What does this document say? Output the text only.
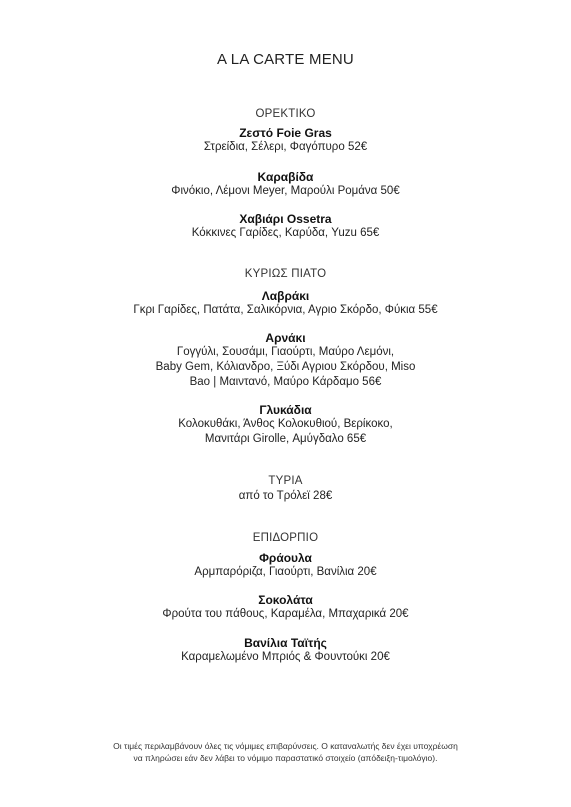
A LA CARTE MENU
ΟΡΕΚΤΙΚΟ
Ζεστό Foie Gras
Στρείδια, Σέλερι, Φαγόπυρο 52€
Καραβίδα
Φινόκιο, Λέμονι Meyer, Μαρούλι Ρομάνα 50€
Χαβιάρι Ossetra
Κόκκινες Γαρίδες, Καρύδα, Yuzu 65€
ΚΥΡΙΩΣ ΠΙΑΤΟ
Λαβράκι
Γκρι Γαρίδες, Πατάτα, Σαλικόρνια, Αγριο Σκόρδο, Φύκια 55€
Αρνάκι
Γογγύλι, Σουσάμι, Γιαούρτι, Μαύρο Λεμόνι,
Baby Gem, Κόλιανδρο, Ξύδι Αγριου Σκόρδου, Miso
Bao | Μαιντανό, Μαύρο Κάρδαμο 56€
Γλυκάδια
Κολοκυθάκι, Άνθος Κολοκυθιού, Βερίκοκο,
Μανιτάρι Girolle, Αμύγδαλο 65€
ΤΥΡΙΑ
από το Τρόλεϊ 28€
ΕΠΙΔΟΡΠΙΟ
Φράουλα
Αρμπαρόριζα, Γιαούρτι, Βανίλια 20€
Σοκολάτα
Φρούτα του πάθους, Καραμέλα, Μπαχαρικά 20€
Βανίλια Ταϊτής
Καραμελωμένο Μπριός & Φουντούκι 20€
Οι τιμές περιλαμβάνουν όλες τις νόμιμες επιβαρύνσεις. Ο καταναλωτής δεν έχει υποχρέωση
να πληρώσει εάν δεν λάβει το νόμιμο παραστατικό στοιχείο (απόδειξη-τιμολόγιο).
